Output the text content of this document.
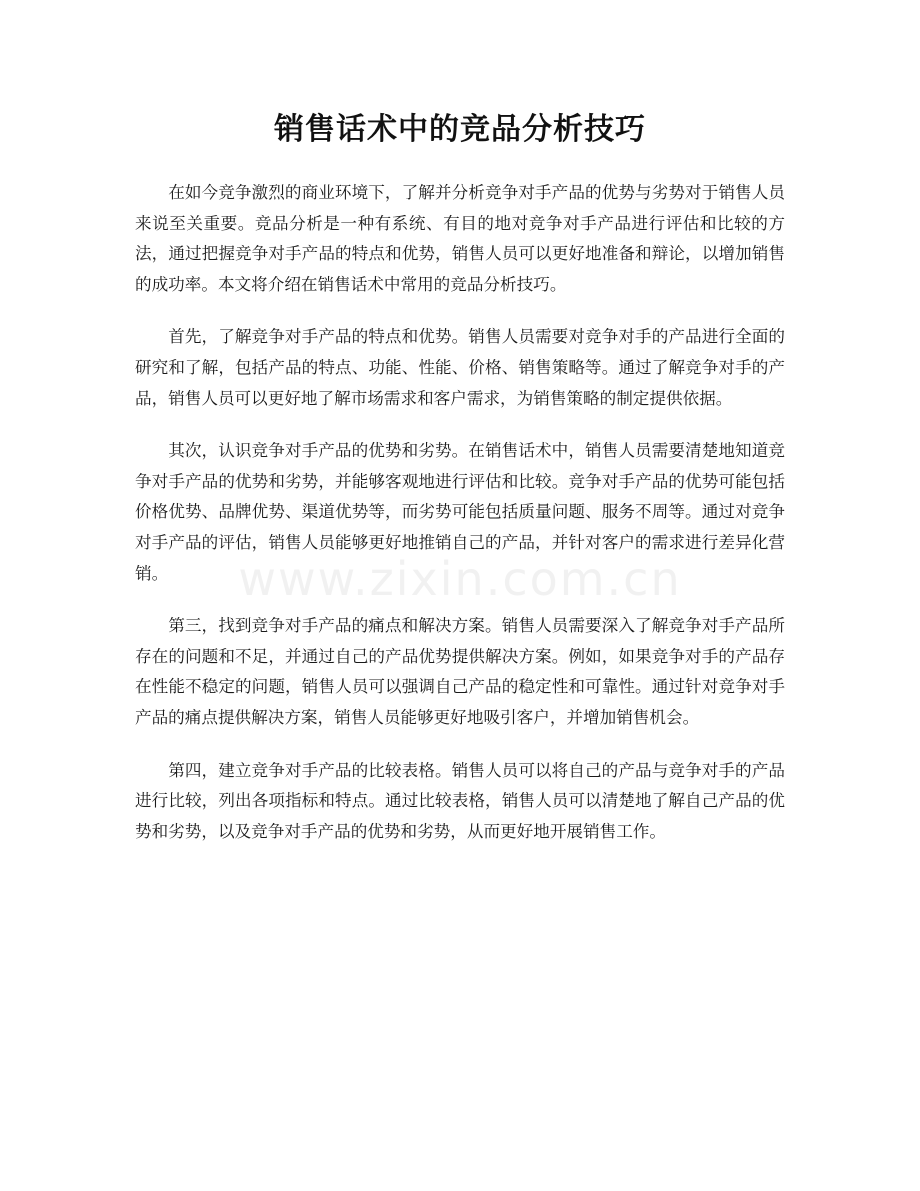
销售话术中的竞品分析技巧

在如今竞争激烈的商业环境下，了解并分析竞争对手产品的优势与劣势对于销售人员来说至关重要。竞品分析是一种有系统、有目的地对竞争对手产品进行评估和比较的方法，通过把握竞争对手产品的特点和优势，销售人员可以更好地准备和辩论，以增加销售的成功率。本文将介绍在销售话术中常用的竞品分析技巧。

首先，了解竞争对手产品的特点和优势。销售人员需要对竞争对手的产品进行全面的研究和了解，包括产品的特点、功能、性能、价格、销售策略等。通过了解竞争对手的产品，销售人员可以更好地了解市场需求和客户需求，为销售策略的制定提供依据。

其次，认识竞争对手产品的优势和劣势。在销售话术中，销售人员需要清楚地知道竞争对手产品的优势和劣势，并能够客观地进行评估和比较。竞争对手产品的优势可能包括价格优势、品牌优势、渠道优势等，而劣势可能包括质量问题、服务不周等。通过对竞争对手产品的评估，销售人员能够更好地推销自己的产品，并针对客户的需求进行差异化营销。

第三，找到竞争对手产品的痛点和解决方案。销售人员需要深入了解竞争对手产品所存在的问题和不足，并通过自己的产品优势提供解决方案。例如，如果竞争对手的产品存在性能不稳定的问题，销售人员可以强调自己产品的稳定性和可靠性。通过针对竞争对手产品的痛点提供解决方案，销售人员能够更好地吸引客户，并增加销售机会。

第四，建立竞争对手产品的比较表格。销售人员可以将自己的产品与竞争对手的产品进行比较，列出各项指标和特点。通过比较表格，销售人员可以清楚地了解自己产品的优势和劣势，以及竞争对手产品的优势和劣势，从而更好地开展销售工作。

www.zixin.com.cn
